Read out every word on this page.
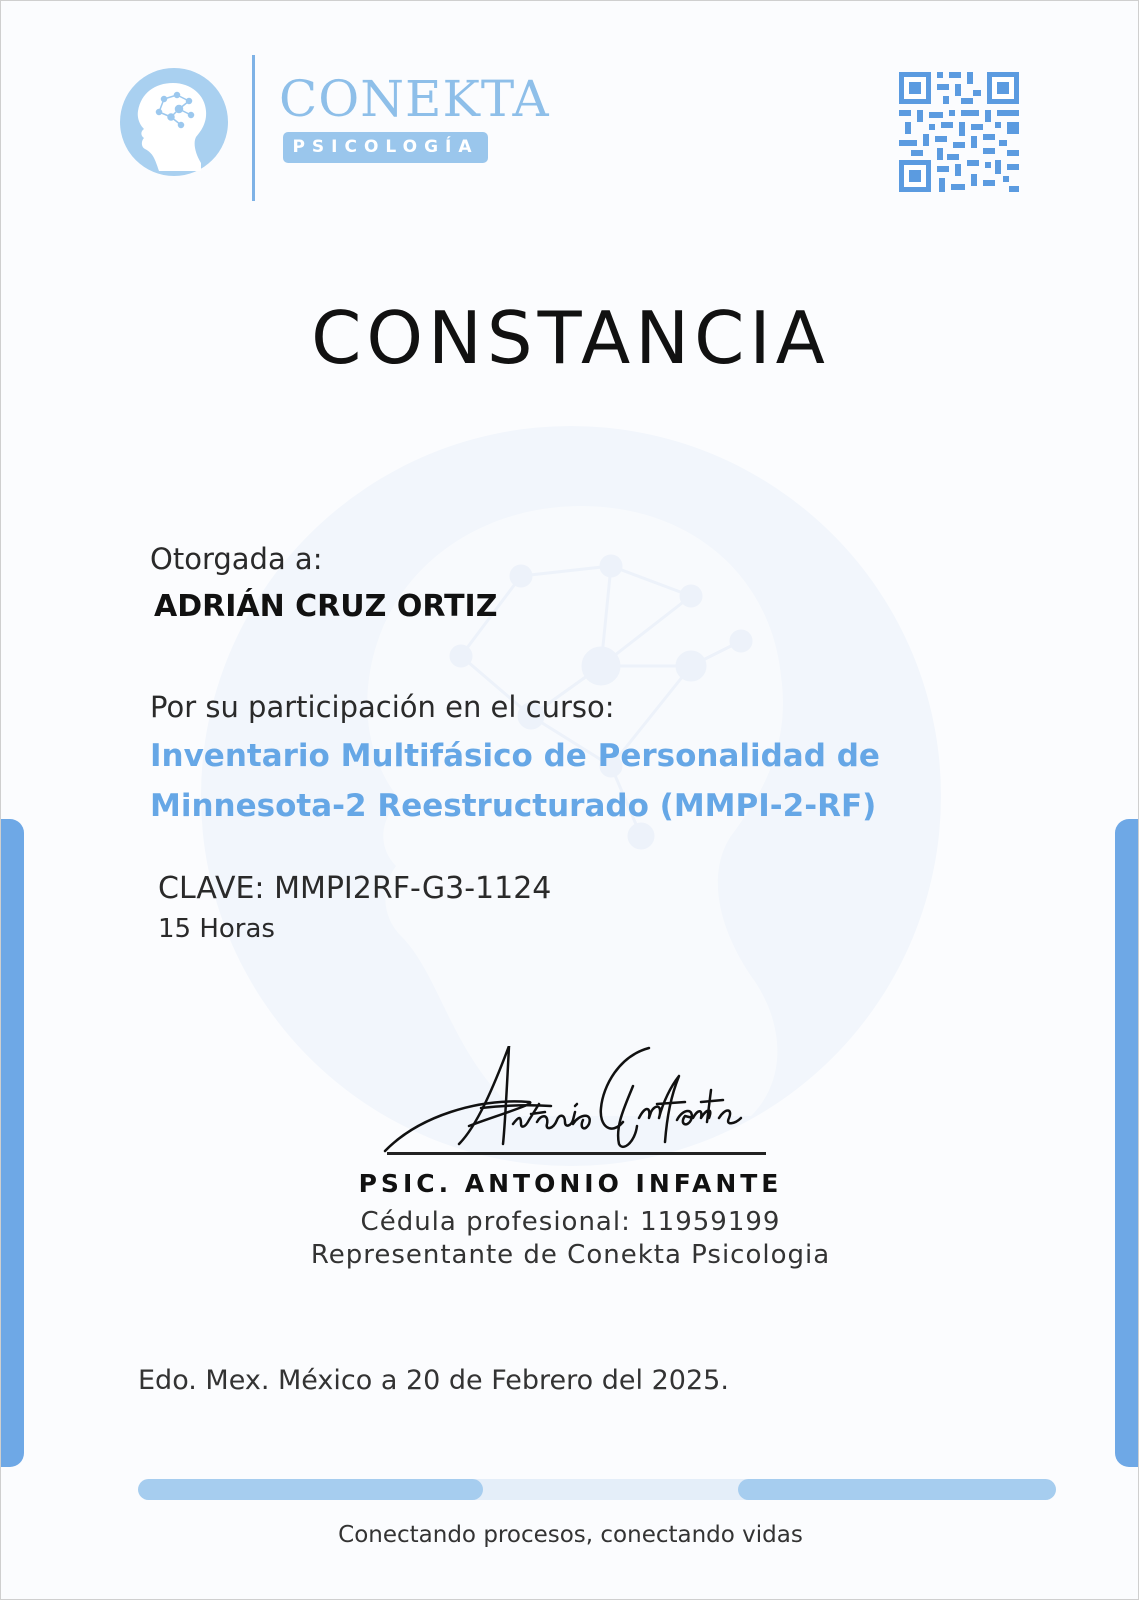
CONEKTA
PSICOLOGÍA
CONSTANCIA
Otorgada a:
ADRIÁN CRUZ ORTIZ
Por su participación en el curso:
Inventario Multifásico de Personalidad de
Minnesota-2 Reestructurado (MMPI-2-RF)
CLAVE: MMPI2RF-G3-1124
15 Horas
PSIC. ANTONIO INFANTE
Cédula profesional: 11959199
Representante de Conekta Psicologia
Edo. Mex. México a 20 de Febrero del 2025.
Conectando procesos, conectando vidas
